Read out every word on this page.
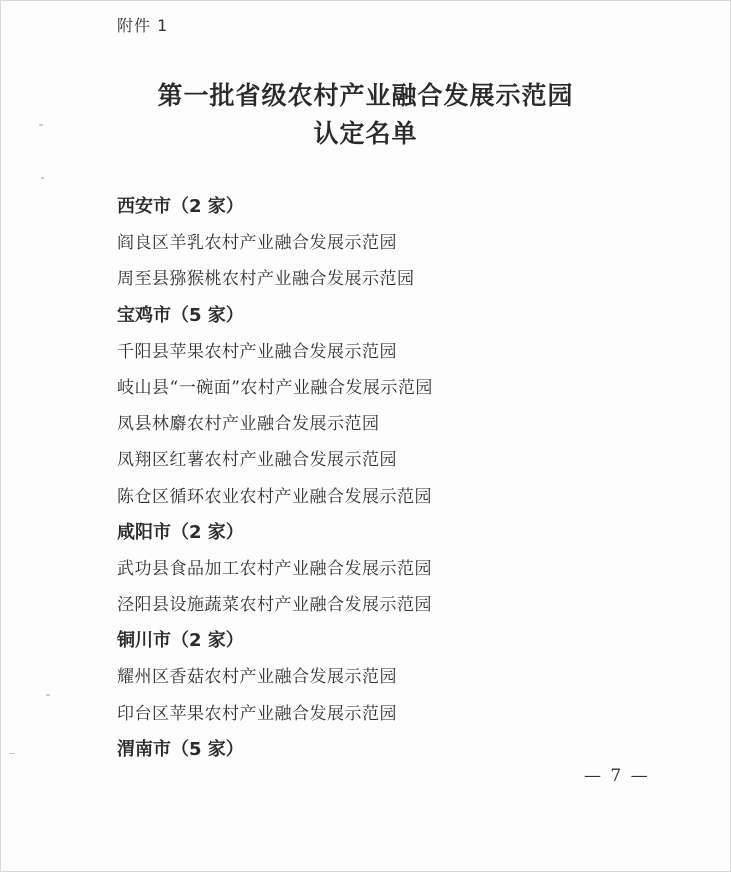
附件 1
第一批省级农村产业融合发展示范园
认定名单
西安市（2 家）
阎良区羊乳农村产业融合发展示范园
周至县猕猴桃农村产业融合发展示范园
宝鸡市（5 家）
千阳县苹果农村产业融合发展示范园
岐山县“一碗面”农村产业融合发展示范园
凤县林麝农村产业融合发展示范园
凤翔区红薯农村产业融合发展示范园
陈仓区循环农业农村产业融合发展示范园
咸阳市（2 家）
武功县食品加工农村产业融合发展示范园
泾阳县设施蔬菜农村产业融合发展示范园
铜川市（2 家）
耀州区香菇农村产业融合发展示范园
印台区苹果农村产业融合发展示范园
渭南市（5 家）
— 7 —
